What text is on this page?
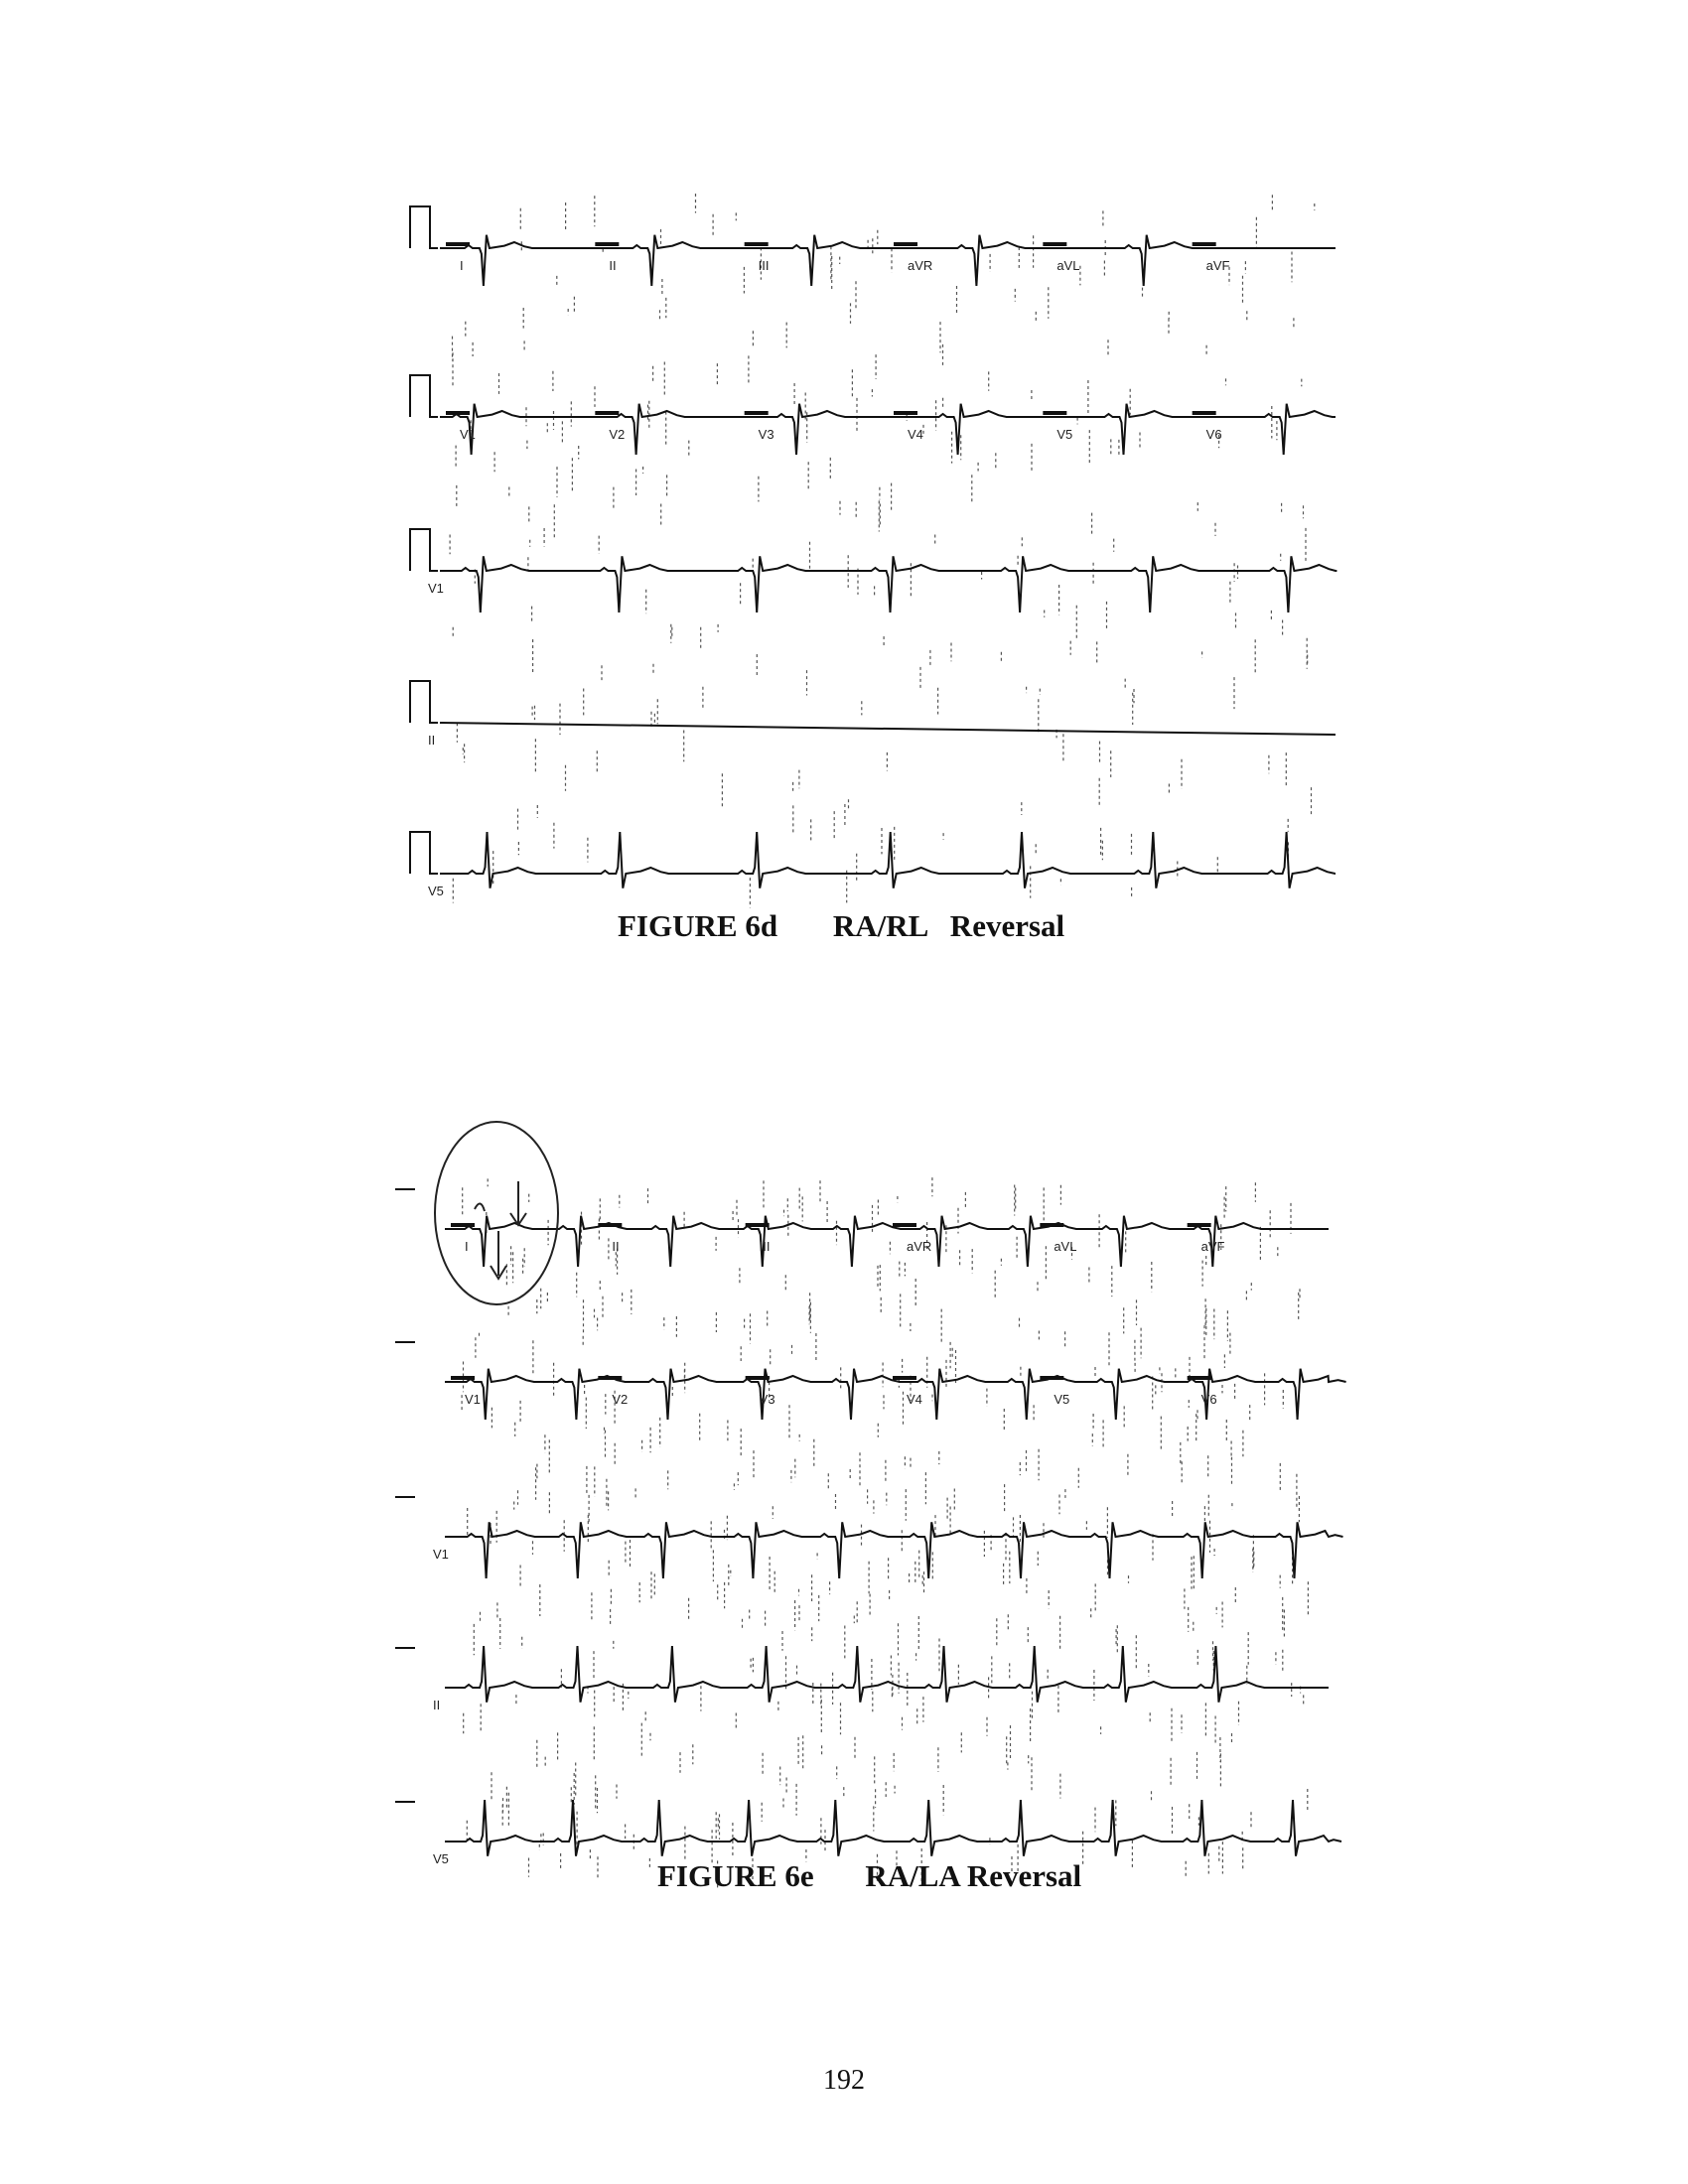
I	II	III	aVR	aVL	aVF
V1	V2	V3	V4	V5	V6
V1
II
V5
FIGURE 6d RA/RL   Reversal
I	II	III	aVR	aVL	aVF
V1	V2	V3	V4	V5	V6
V1
II
V5	FIGURE 6e RA/LA Reversal
192
